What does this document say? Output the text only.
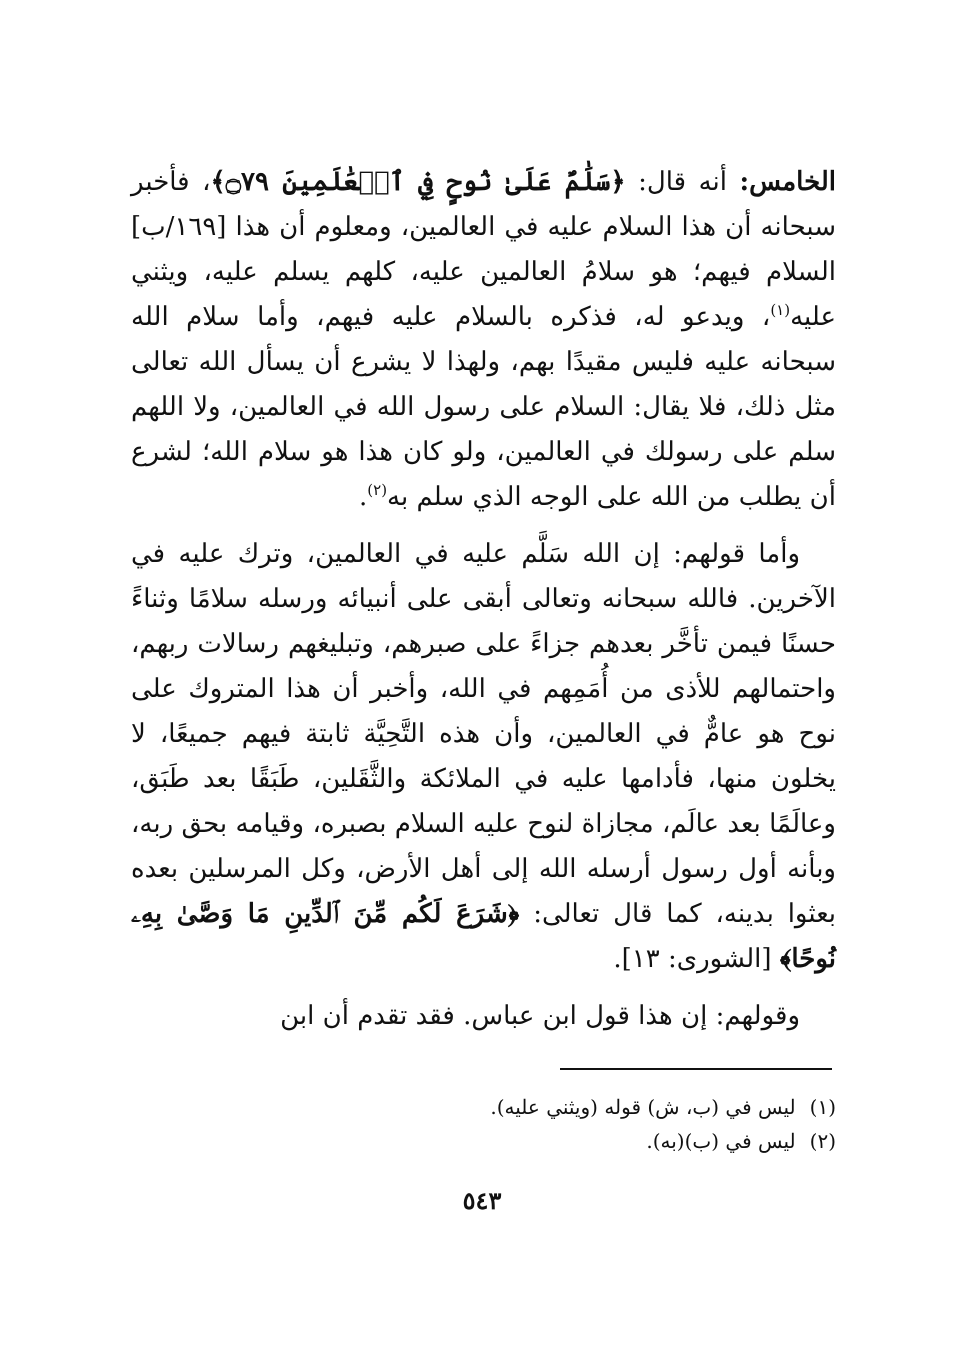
الخامس: أنه قال: ﴿سَلَٰمٌ عَلَىٰ نُوحٍ فِي ٱلۡعَٰلَمِينَ ۝٧٩﴾، فأخبر سبحانه أن هذا السلام عليه في العالمين، ومعلوم أن هذا [١٦٩/ب] السلام فيهم؛ هو سلامُ العالمين عليه، كلهم يسلم عليه، ويثني عليه$^{(١)}$، ويدعو له، فذكره بالسلام عليه فيهم، وأما سلام الله سبحانه عليه فليس مقيدًا بهم، ولهذا لا يشرع أن يسأل الله تعالى مثل ذلك، فلا يقال: السلام على رسول الله في العالمين، ولا اللهم سلم على رسولك في العالمين، ولو كان هذا هو سلام الله؛ لشرع أن يطلب من الله على الوجه الذي سلم به$^{(٢)}$.

وأما قولهم: إن الله سَلَّم عليه في العالمين، وترك عليه في الآخرين. فالله سبحانه وتعالى أبقى على أنبيائه ورسله سلامًا وثناءً حسنًا فيمن تأخَّر بعدهم جزاءً على صبرهم، وتبليغهم رسالات ربهم، واحتمالهم للأذى من أُمَمِهم في الله، وأخبر أن هذا المتروك على نوح هو عامٌّ في العالمين، وأن هذه التَّحِيَّة ثابتة فيهم جميعًا، لا يخلون منها، فأدامها عليه في الملائكة والثَّقَلين، طَبَقًا بعد طَبَق، وعالَمًا بعد عالَم، مجازاة لنوح عليه السلام بصبره، وقيامه بحق ربه، وبأنه أول رسول أرسله الله إلى أهل الأرض، وكل المرسلين بعده بعثوا بدينه، كما قال تعالى: ﴿شَرَعَ لَكُم مِّنَ ٱلدِّينِ مَا وَصَّىٰ بِهِۦ نُوحًا﴾ [الشورى: ١٣].

وقولهم: إن هذا قول ابن عباس. فقد تقدم أن ابن

(١)ليس في (ب، ش) قوله (ويثني عليه).

(٢)ليس في (ب)(به).

٥٤٣
